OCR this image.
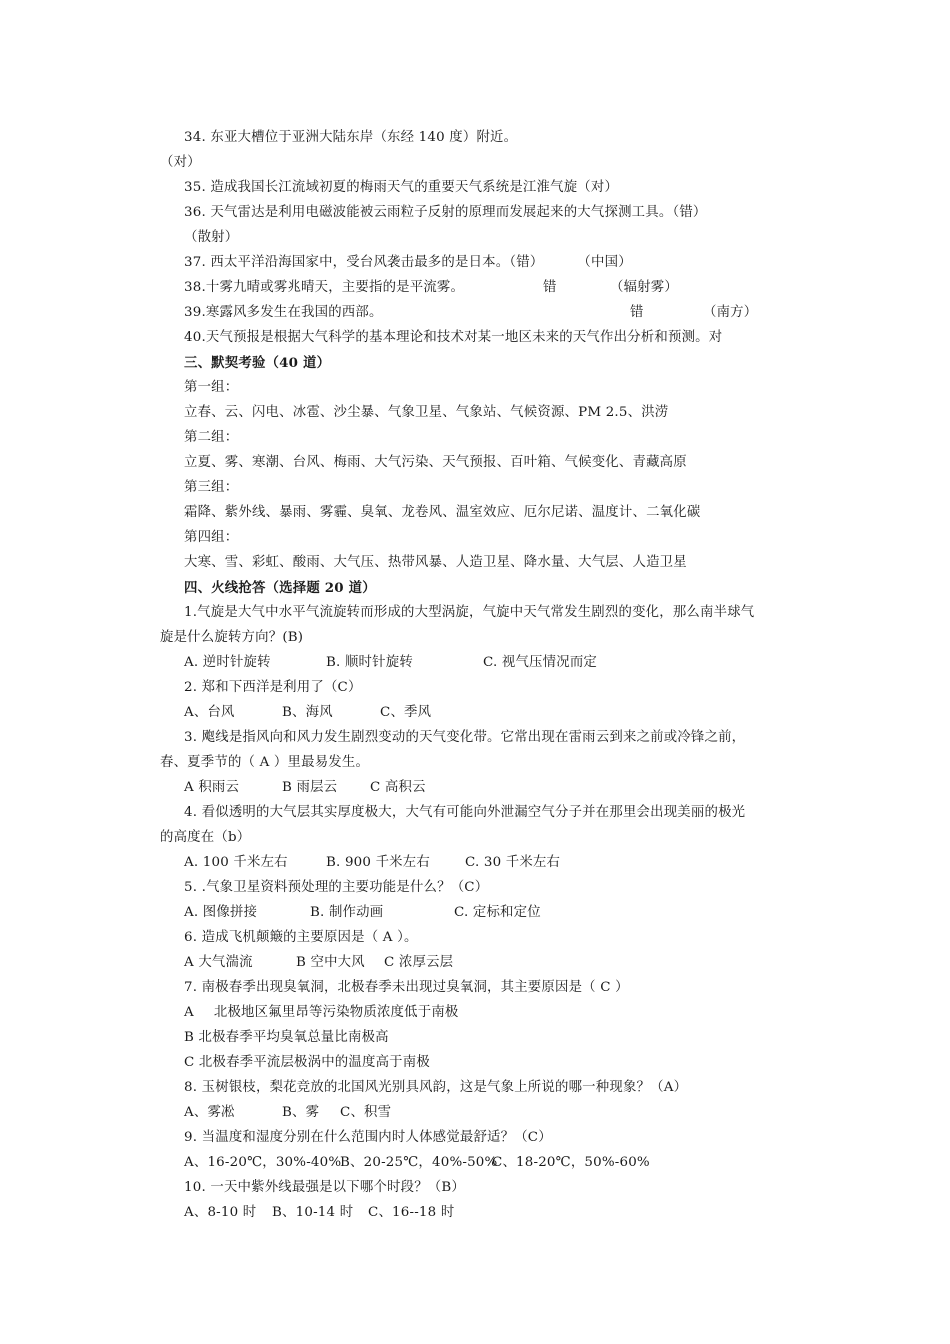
34. 东亚大槽位于亚洲大陆东岸（东经 140 度）附近。
（对）
35. 造成我国长江流域初夏的梅雨天气的重要天气系统是江淮气旋（对）
36. 天气雷达是利用电磁波能被云雨粒子反射的原理而发展起来的大气探测工具。（错）
（散射）
37. 西太平洋沿海国家中，受台风袭击最多的是日本。（错）	（中国）
38.十雾九晴或雾兆晴天，主要指的是平流雾。	错	（辐射雾）
39.寒露风多发生在我国的西部。	错	（南方）
40.天气预报是根据大气科学的基本理论和技术对某一地区未来的天气作出分析和预测。对
三、默契考验（40 道）
第一组：
立春、云、闪电、冰雹、沙尘暴、气象卫星、气象站、气候资源、PM 2.5、洪涝
第二组：
立夏、雾、寒潮、台风、梅雨、大气污染、天气预报、百叶箱、气候变化、青藏高原
第三组：
霜降、紫外线、暴雨、雾霾、臭氧、龙卷风、温室效应、厄尔尼诺、温度计、二氧化碳
第四组：
大寒、雪、彩虹、酸雨、大气压、热带风暴、人造卫星、降水量、大气层、人造卫星
四、火线抢答（选择题 20 道）
1.气旋是大气中水平气流旋转而形成的大型涡旋，气旋中天气常发生剧烈的变化，那么南半球气
旋是什么旋转方向？(B)
A. 逆时针旋转	B. 顺时针旋转	C. 视气压情况而定
2. 郑和下西洋是利用了（C）
A、台风	B、海风	C、季风
3. 飑线是指风向和风力发生剧烈变动的天气变化带。它常出现在雷雨云到来之前或冷锋之前，
春、夏季节的（ A ）里最易发生。
A 积雨云	B 雨层云 C 高积云
4. 看似透明的大气层其实厚度极大，大气有可能向外泄漏空气分子并在那里会出现美丽的极光
的高度在（b）
A. 100 千米左右	B. 900 千米左右	C. 30 千米左右
5. .气象卫星资料预处理的主要功能是什么？（C）
A. 图像拼接	B. 制作动画	C. 定标和定位
6. 造成飞机颠簸的主要原因是（ A ）。
A 大气湍流	B 空中大风 C 浓厚云层
7. 南极春季出现臭氧洞，北极春季未出现过臭氧洞，其主要原因是（ C ）
A 北极地区氟里昂等污染物质浓度低于南极
B 北极春季平均臭氧总量比南极高
C 北极春季平流层极涡中的温度高于南极
8. 玉树银枝，梨花竞放的北国风光别具风韵，这是气象上所说的哪一种现象？（A）
A、雾凇	B、雾 C、积雪
9. 当温度和湿度分别在什么范围内时人体感觉最舒适？（C）
A、16-20℃，30%-40%
B、20-25℃，40%-50%
C、18-20℃，50%-60%
10. 一天中紫外线最强是以下哪个时段？（B）
A、8-10 时 B、10-14 时 C、16--18 时
